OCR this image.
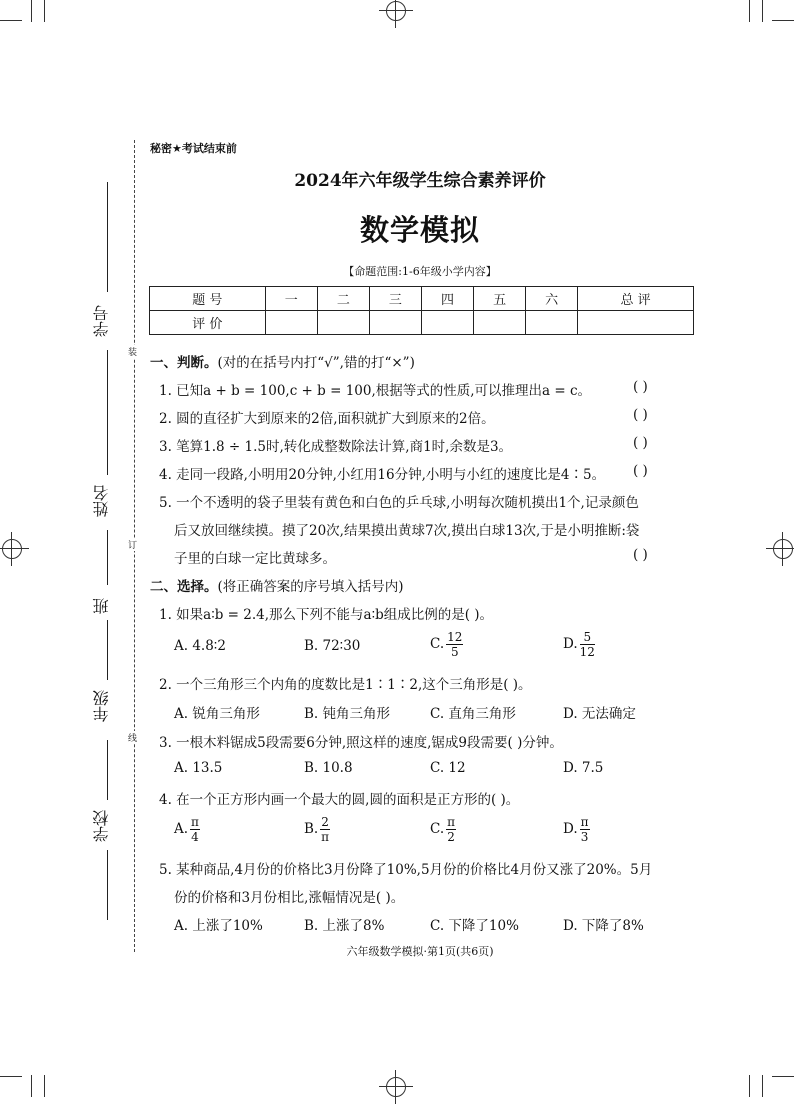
学号
姓名
班
年级
学校
装
订
线
秘密★考试结束前
2024年六年级学生综合素养评价
数学模拟
【命题范围:1-6年级小学内容】
题 号	一	二	三	四	五	六	总 评
评 价							
一、判断。(对的在括号内打“√”,错的打“×”)
1. 已知a + b = 100,c + b = 100,根据等式的性质,可以推理出a = c。	( )
2. 圆的直径扩大到原来的2倍,面积就扩大到原来的2倍。	( )
3. 笔算1.8 ÷ 1.5时,转化成整数除法计算,商1时,余数是3。	( )
4. 走同一段路,小明用20分钟,小红用16分钟,小明与小红的速度比是4∶5。 ( )
5. 一个不透明的袋子里装有黄色和白色的乒乓球,小明每次随机摸出1个,记录颜色
后又放回继续摸。摸了20次,结果摸出黄球7次,摸出白球13次,于是小明推断:袋
子里的白球一定比黄球多。	( )
二、选择。(将正确答案的序号填入括号内)
1. 如果a∶b = 2.4,那么下列不能与a∶b组成比例的是( )。
A. 4.8∶2	B. 72∶30	C. $\frac{12}{5}$	D. $\frac{5}{12}$
2. 一个三角形三个内角的度数比是1∶1∶2,这个三角形是( )。
A. 锐角三角形	B. 钝角三角形	C. 直角三角形	D. 无法确定
3. 一根木料锯成5段需要6分钟,照这样的速度,锯成9段需要( )分钟。
A. 13.5	B. 10.8	C. 12	D. 7.5
4. 在一个正方形内画一个最大的圆,圆的面积是正方形的( )。
A. $\frac{\pi}{4}$	B. $\frac{2}{\pi}$	C. $\frac{\pi}{2}$	D. $\frac{\pi}{3}$
5. 某种商品,4月份的价格比3月份降了10%,5月份的价格比4月份又涨了20%。5月
份的价格和3月份相比,涨幅情况是( )。
A. 上涨了10%	B. 上涨了8%	C. 下降了10%	D. 下降了8%
六年级数学模拟·第1页(共6页)
